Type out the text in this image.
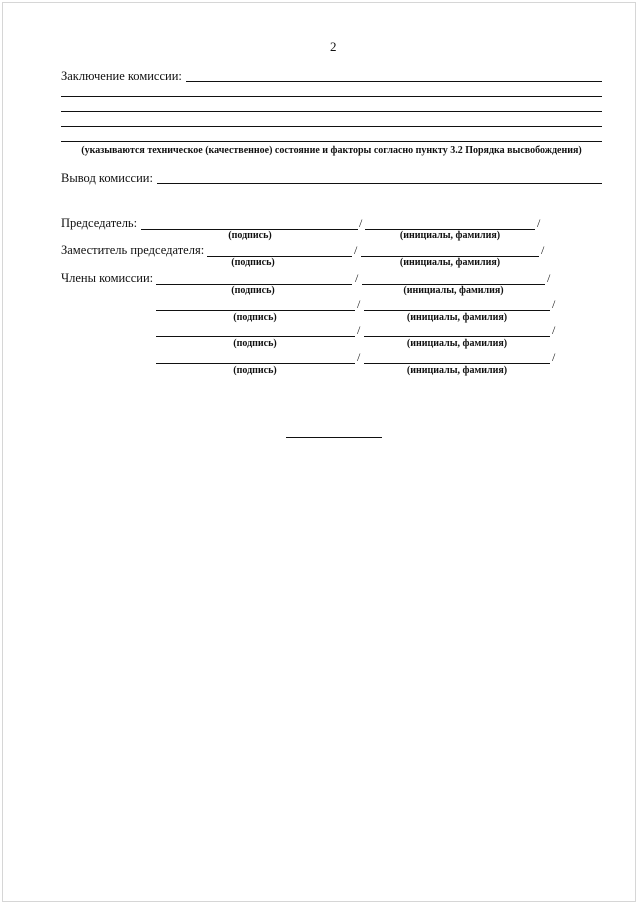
2
Заключение комиссии:
(указываются техническое (качественное) состояние и факторы согласно пункту 3.2 Порядка высвобождения)
Вывод комиссии:
Председатель:	/	/
(подпись)	(инициалы, фамилия)
Заместитель председателя:	/	/
(подпись)	(инициалы, фамилия)
Члены комиссии:	/	/
(подпись)	(инициалы, фамилия)
/	/
(подпись)	(инициалы, фамилия)
/	/
(подпись)	(инициалы, фамилия)
/	/
(подпись)	(инициалы, фамилия)
